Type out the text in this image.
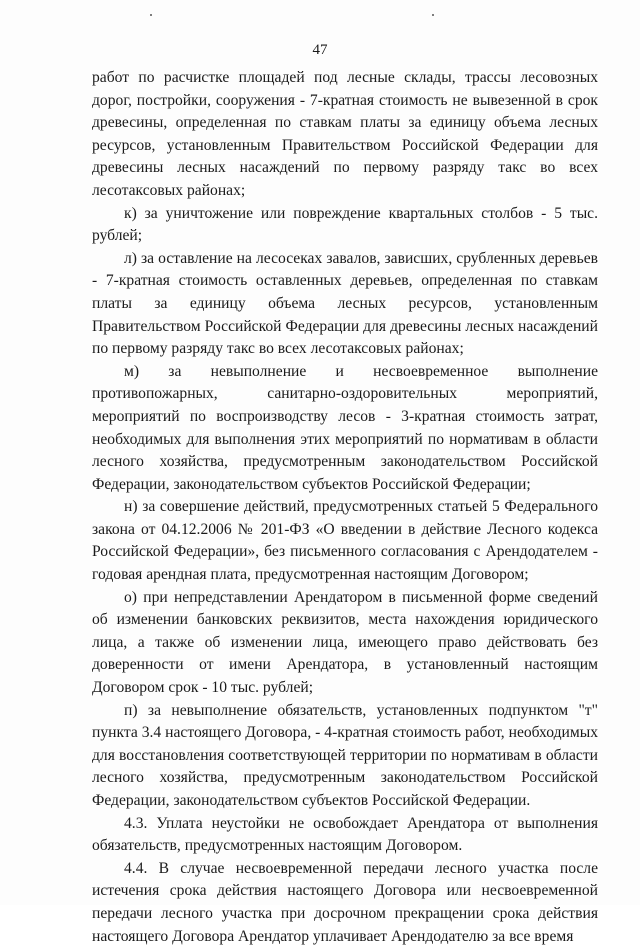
47

работ по расчистке площадей под лесные склады, трассы лесовозных дорог, постройки, сооружения - 7-кратная стоимость не вывезенной в срок древесины, определенная по ставкам платы за единицу объема лесных ресурсов, установленным Правительством Российской Федерации для древесины лесных насаждений по первому разряду такс во всех лесотаксовых районах;

к) за уничтожение или повреждение квартальных столбов - 5 тыс. рублей;

л) за оставление на лесосеках завалов, зависших, срубленных деревьев - 7-кратная стоимость оставленных деревьев, определенная по ставкам платы за единицу объема лесных ресурсов, установленным Правительством Российской Федерации для древесины лесных насаждений по первому разряду такс во всех лесотаксовых районах;

м) за невыполнение и несвоевременное выполнение противопожарных, санитарно-оздоровительных мероприятий, мероприятий по воспроизводству лесов - 3-кратная стоимость затрат, необходимых для выполнения этих мероприятий по нормативам в области лесного хозяйства, предусмотренным законодательством Российской Федерации, законодательством субъектов Российской Федерации;

н) за совершение действий, предусмотренных статьей 5 Федерального закона от 04.12.2006 № 201-ФЗ «О введении в действие Лесного кодекса Российской Федерации», без письменного согласования с Арендодателем - годовая арендная плата, предусмотренная настоящим Договором;

о) при непредставлении Арендатором в письменной форме сведений об изменении банковских реквизитов, места нахождения юридического лица, а также об изменении лица, имеющего право действовать без доверенности от имени Арендатора, в установленный настоящим Договором срок - 10 тыс. рублей;

п) за невыполнение обязательств, установленных подпунктом "т" пункта 3.4 настоящего Договора, - 4-кратная стоимость работ, необходимых для восстановления соответствующей территории по нормативам в области лесного хозяйства, предусмотренным законодательством Российской Федерации, законодательством субъектов Российской Федерации.

4.3. Уплата неустойки не освобождает Арендатора от выполнения обязательств, предусмотренных настоящим Договором.

4.4. В случае несвоевременной передачи лесного участка после истечения срока действия настоящего Договора или несвоевременной передачи лесного участка при досрочном прекращении срока действия настоящего Договора Арендатор уплачивает Арендодателю за все время
